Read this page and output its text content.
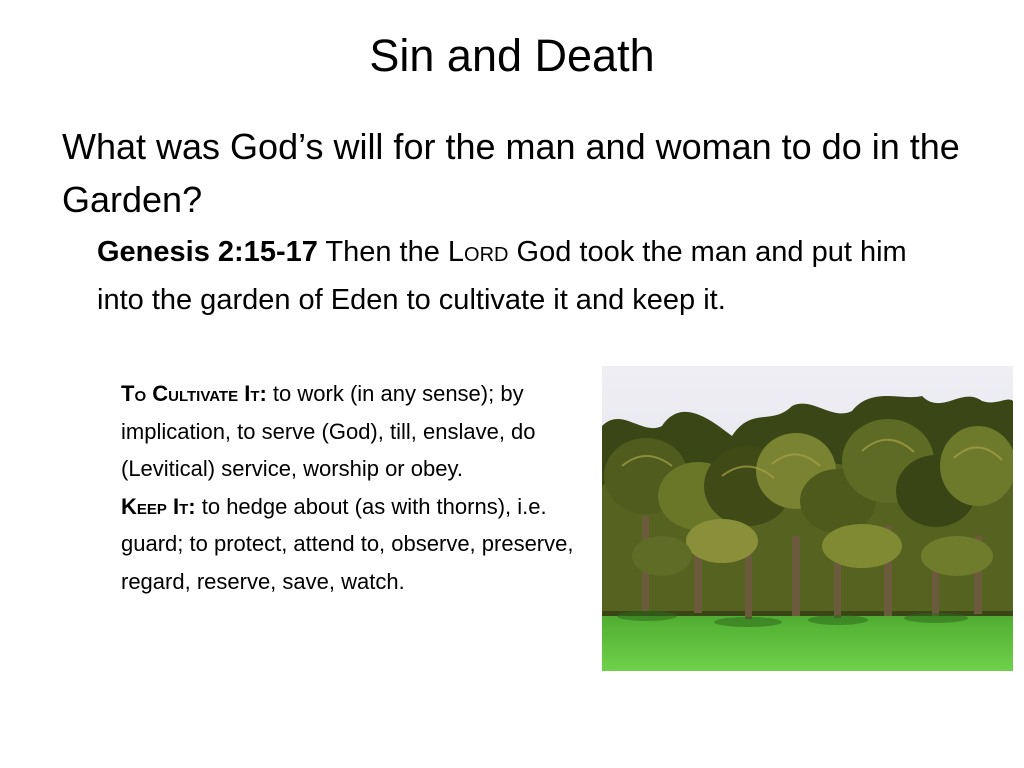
Sin and Death
What was God’s will for the man and woman to do in the Garden?
Genesis 2:15-17 Then the Lord God took the man and put him into the garden of Eden to cultivate it and keep it.
To Cultivate It: to work (in any sense); by implication, to serve (God), till, enslave, do (Levitical) service, worship or obey.
Keep It: to hedge about (as with thorns), i.e. guard; to protect, attend to, observe, preserve, regard, reserve, save, watch.
